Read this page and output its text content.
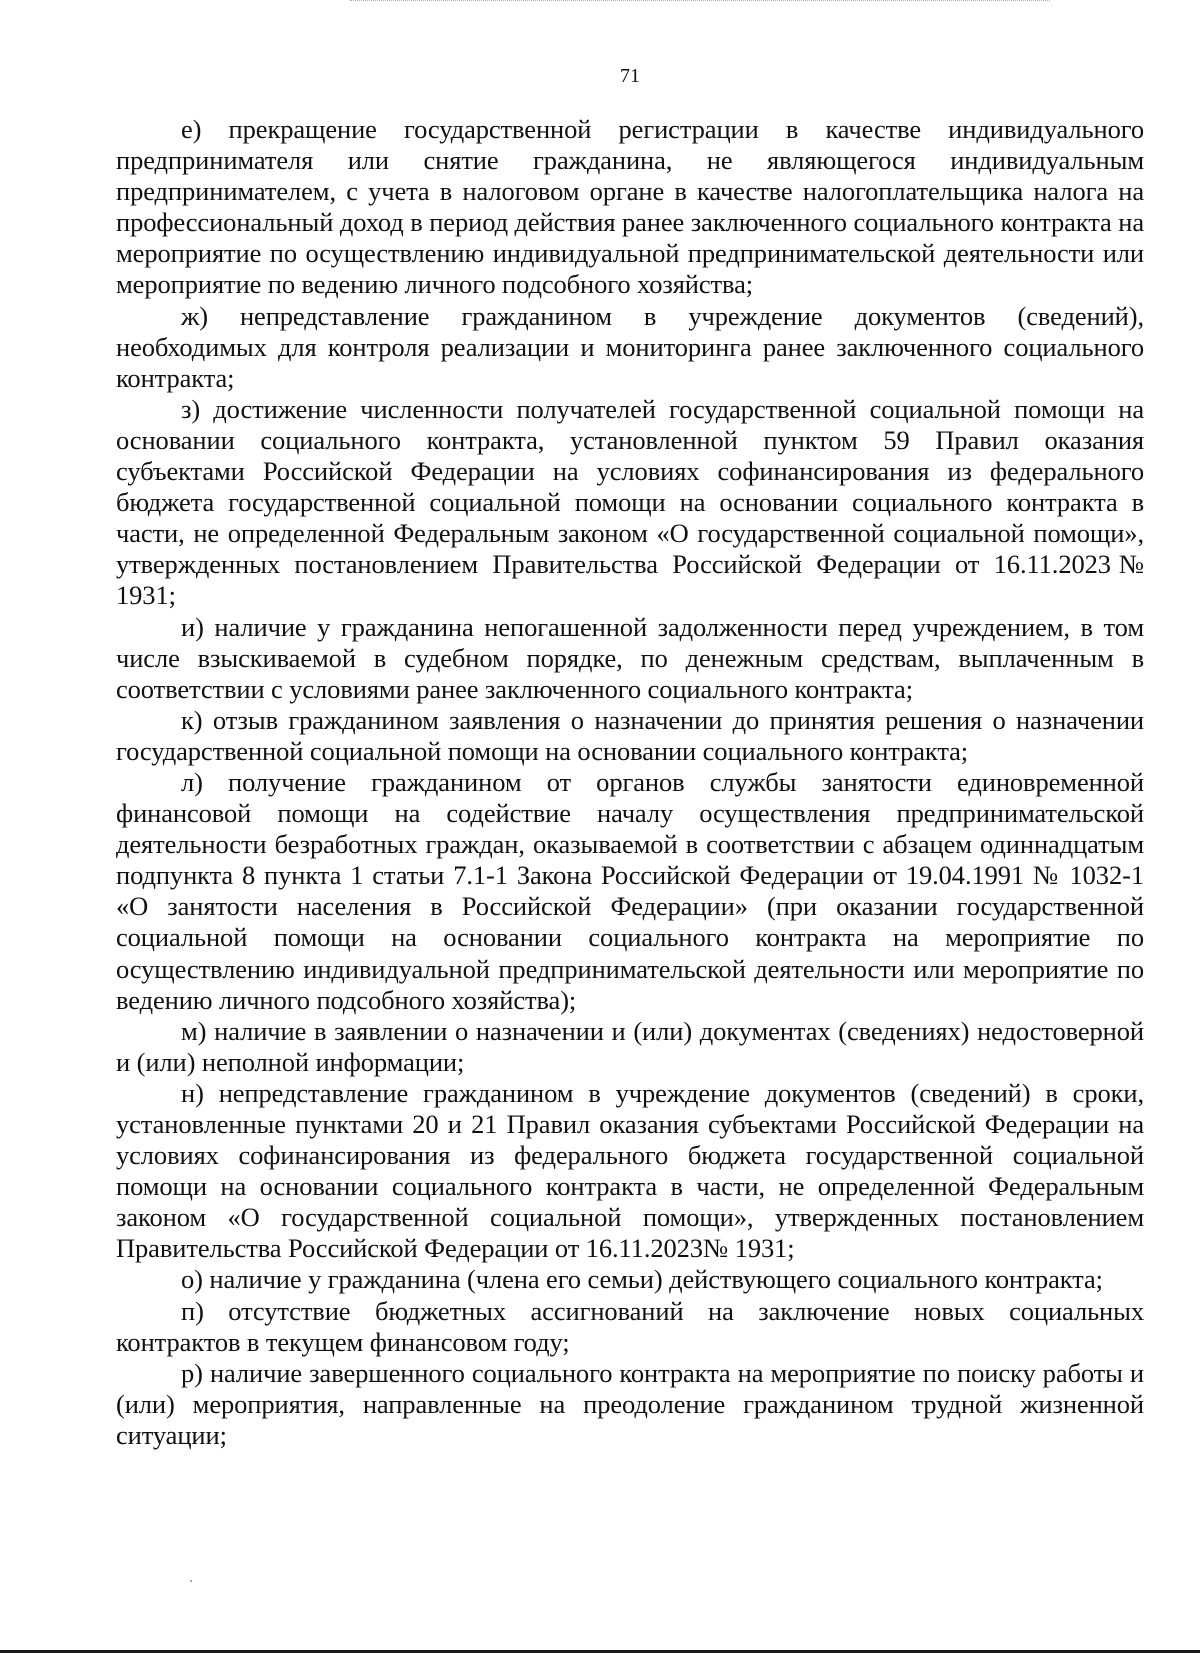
71

е) прекращение государственной регистрации в качестве индивидуального предпринимателя или снятие гражданина, не являющегося индивидуальным предпринимателем, с учета в налоговом органе в качестве налогоплательщика налога на профессиональный доход в период действия ранее заключенного социального контракта на мероприятие по осуществлению индивидуальной предпринимательской деятельности или мероприятие по ведению личного подсобного хозяйства;

ж) непредставление гражданином в учреждение документов (сведений), необходимых для контроля реализации и мониторинга ранее заключенного социального контракта;

з) достижение численности получателей государственной социальной помощи на основании социального контракта, установленной пунктом 59 Правил оказания субъектами Российской Федерации на условиях софинансирования из федерального бюджета государственной социальной помощи на основании социального контракта в части, не определенной Федеральным законом «О государственной социальной помощи», утвержденных постановлением Правительства Российской Федерации от 16.11.2023№ 1931;

и) наличие у гражданина непогашенной задолженности перед учреждением, в том числе взыскиваемой в судебном порядке, по денежным средствам, выплаченным в соответствии с условиями ранее заключенного социального контракта;

к) отзыв гражданином заявления о назначении до принятия решения о назначении государственной социальной помощи на основании социального контракта;

л) получение гражданином от органов службы занятости единовременной финансовой помощи на содействие началу осуществления предпринимательской деятельности безработных граждан, оказываемой в соответствии с абзацем одиннадцатым подпункта 8 пункта 1 статьи 7.1-1 Закона Российской Федерации от 19.04.1991 № 1032-1 «О занятости населения в Российской Федерации» (при оказании государственной социальной помощи на основании социального контракта на мероприятие по осуществлению индивидуальной предпринимательской деятельности или мероприятие по ведению личного подсобного хозяйства);

м) наличие в заявлении о назначении и (или) документах (сведениях) недостоверной и (или) неполной информации;

н) непредставление гражданином в учреждение документов (сведений) в сроки, установленные пунктами 20 и 21 Правил оказания субъектами Российской Федерации на условиях софинансирования из федерального бюджета государственной социальной помощи на основании социального контракта в части, не определенной Федеральным законом «О государственной социальной помощи», утвержденных постановлением Правительства Российской Федерации от 16.11.2023№ 1931;

о) наличие у гражданина (члена его семьи) действующего социального контракта;

п) отсутствие бюджетных ассигнований на заключение новых социальных контрактов в текущем финансовом году;

р) наличие завершенного социального контракта на мероприятие по поиску работы и (или) мероприятия, направленные на преодоление гражданином трудной жизненной ситуации;
